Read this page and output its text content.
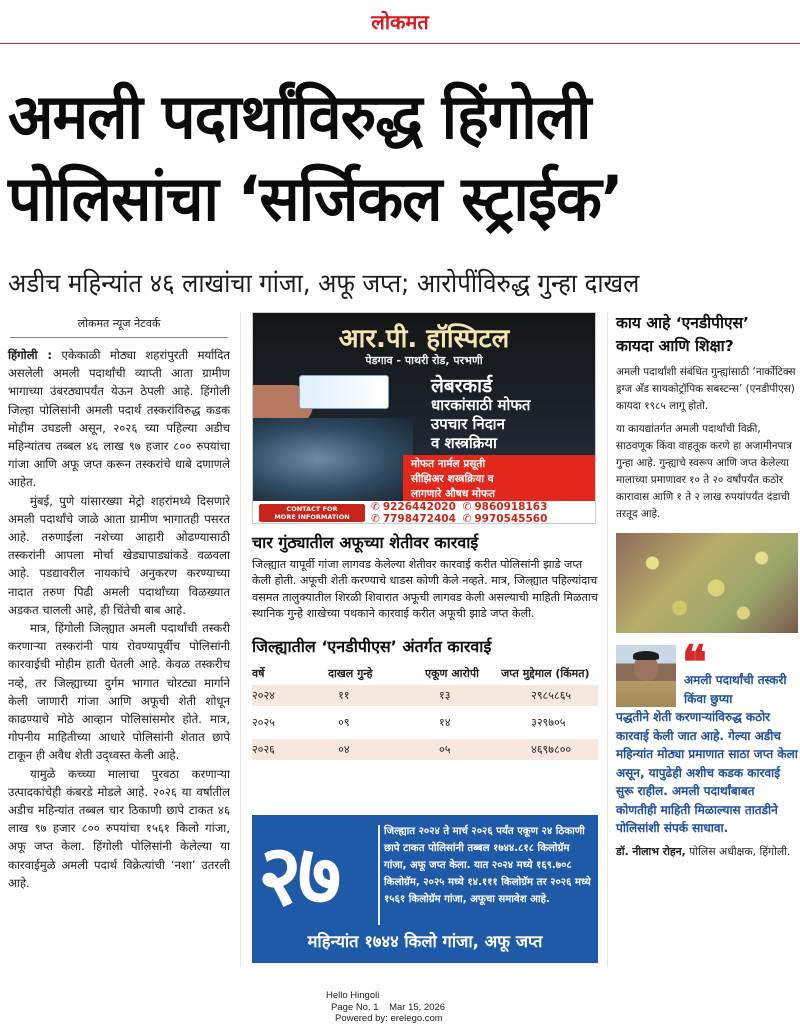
लोकमत
अमली पदार्थांविरुद्ध हिंगोली
पोलिसांचा ‘सर्जिकल स्ट्राईक’
अडीच महिन्यांत ४६ लाखांचा गांजा, अफू जप्त; आरोपींविरुद्ध गुन्हा दाखल
लोकमत न्यूज नेटवर्क

हिंगोली : एकेकाळी मोठ्या शहरांपुरती मर्यादित असलेली अमली पदार्थांची व्याप्ती आता ग्रामीण भागाच्या उंबरठ्यापर्यंत येऊन ठेपली आहे. हिंगोली जिल्हा पोलिसांनी अमली पदार्थ तस्करांविरुद्ध कडक मोहीम उघडली असून, २०२६ च्या पहिल्या अडीच महिन्यांतच तब्बल ४६ लाख ९७ हजार ८०० रुपयांचा गांजा आणि अफू जप्त करून तस्करांचे धाबे दणाणले आहेत.

मुंबई, पुणे यांसारख्या मेट्रो शहरांमध्ये दिसणारे अमली पदार्थांचे जाळे आता ग्रामीण भागातही पसरत आहे. तरुणाईला नशेच्या आहारी ओढण्यासाठी तस्करांनी आपला मोर्चा खेड्यापाड्यांकडे वळवला आहे. पडद्यावरील नायकांचे अनुकरण करण्याच्या नादात तरुण पिढी अमली पदार्थांच्या विळख्यात अडकत चालली आहे, ही चिंतेची बाब आहे.

मात्र, हिंगोली जिल्ह्यात अमली पदार्थांची तस्करी करणाऱ्या तस्करांनी पाय रोवण्यापूर्वीच पोलिसांनी कारवाईची मोहीम हाती घेतली आहे. केवळ तस्करीच नव्हे, तर जिल्ह्याच्या दुर्गम भागात चोरट्या मार्गाने केली जाणारी गांजा आणि अफूची शेती शोधून काढण्याचे मोठे आव्हान पोलिसांसमोर होते. मात्र, गोपनीय माहितीच्या आधारे पोलिसांनी शेतात छापे टाकून ही अवैध शेती उद्ध्वस्त केली आहे.

यामुळे कच्च्या मालाचा पुरवठा करणाऱ्या उत्पादकांचेही कंबरडे मोडले आहे. २०२६ या वर्षातील अडीच महिन्यांत तब्बल चार ठिकाणी छापे टाकत ४६ लाख ९७ हजार ८०० रुपयांचा १५६१ किलो गांजा, अफू जप्त केला. हिंगोली पोलिसांनी केलेल्या या कारवाईमुळे अमली पदार्थ विक्रेत्यांची ‘नशा’ उतरली आहे.

आर.पी. हॉस्पिटल
पेडगाव - पाथरी रोड, परभणी
लेबरकार्ड
धारकांसाठी मोफत
उपचार निदान
व शस्त्रक्रिया
मोफत नार्मल प्रसूती
सीझिअर शस्त्रक्रिया व
लागणारे औषध मोफत
CONTACT FOR
MORE INFORMATION
✆ 9226442020 ✆ 9860918163
✆ 7798472404 ✆ 9970545560
चार गुंठ्यातील अफूच्या शेतीवर कारवाई
जिल्ह्यात यापूर्वी गांजा लागवड केलेल्या शेतीवर कारवाई करीत पोलिसांनी झाडे जप्त केली होती. अफूची शेती करण्याचे धाडस कोणी केले नव्हते. मात्र, जिल्ह्यात पहिल्यांदाच वसमत तालुक्यातील शिरळी शिवारात अफूची लागवड केली असल्याची माहिती मिळताच स्थानिक गुन्हे शाखेच्या पथकाने कारवाई करीत अफूची झाडे जप्त केली.
जिल्ह्यातील ‘एनडीपीएस’ अंतर्गत कारवाई
वर्षे	दाखल गुन्हे	एकूण आरोपी	जप्त मुद्देमाल (किंमत)
२०२४	११	१३	२९८५८६५

२०२५	०९	१४	३२९७०५

२०२६	०४	०५	४६९७८००
२७	जिल्ह्यात २०२४ ते मार्च २०२६ पर्यंत एकूण २४ ठिकाणी छापे टाकत पोलिसांनी तब्बल १७४४.८१८ किलोग्रॅम गांजा, अफू जप्त केला. यात २०२४ मध्ये १६९.७०८ किलोग्रॅम, २०२५ मध्ये १४.१११ किलोग्रॅम तर २०२६ मध्ये १५६१ किलोग्रॅम गांजा, अफूचा समावेश आहे.
महिन्यांत १७४४ किलो गांजा, अफू जप्त
काय आहे ‘एनडीपीएस’
कायदा आणि शिक्षा?
अमली पदार्थांशी संबंधित गुन्ह्यांसाठी ‘नार्कोटिक्स ड्रग्ज अँड सायकोट्रॉपिक सबस्टन्स’ (एनडीपीएस) कायदा १९८५ लागू होतो.
या कायद्यांतर्गत अमली पदार्थांची विक्री, साठवणूक किंवा वाहतूक करणे हा अजामीनपात्र गुन्हा आहे. गुन्ह्याचे स्वरूप आणि जप्त केलेल्या मालाच्या प्रमाणावर १० ते २० वर्षांपर्यंत कठोर कारावास आणि १ ते २ लाख रुपयांपर्यंत दंडाची तरतूद आहे.
❝
अमली पदार्थांची तस्करी किंवा छुप्या
पद्धतीने शेती करणाऱ्यांविरुद्ध कठोर कारवाई केली जात आहे. गेल्या अडीच महिन्यांत मोठ्या प्रमाणात साठा जप्त केला असून, यापुढेही अशीच कडक कारवाई सुरू राहील. अमली पदार्थांबाबत कोणतीही माहिती मिळाल्यास तातडीने पोलिसांशी संपर्क साधावा.
डॉ. नीलाभ रोहन, पोलिस अधीक्षक, हिंगोली.
Hello Hingoli
Page No. 1    Mar 15, 2026
Powered by: erelego.com
